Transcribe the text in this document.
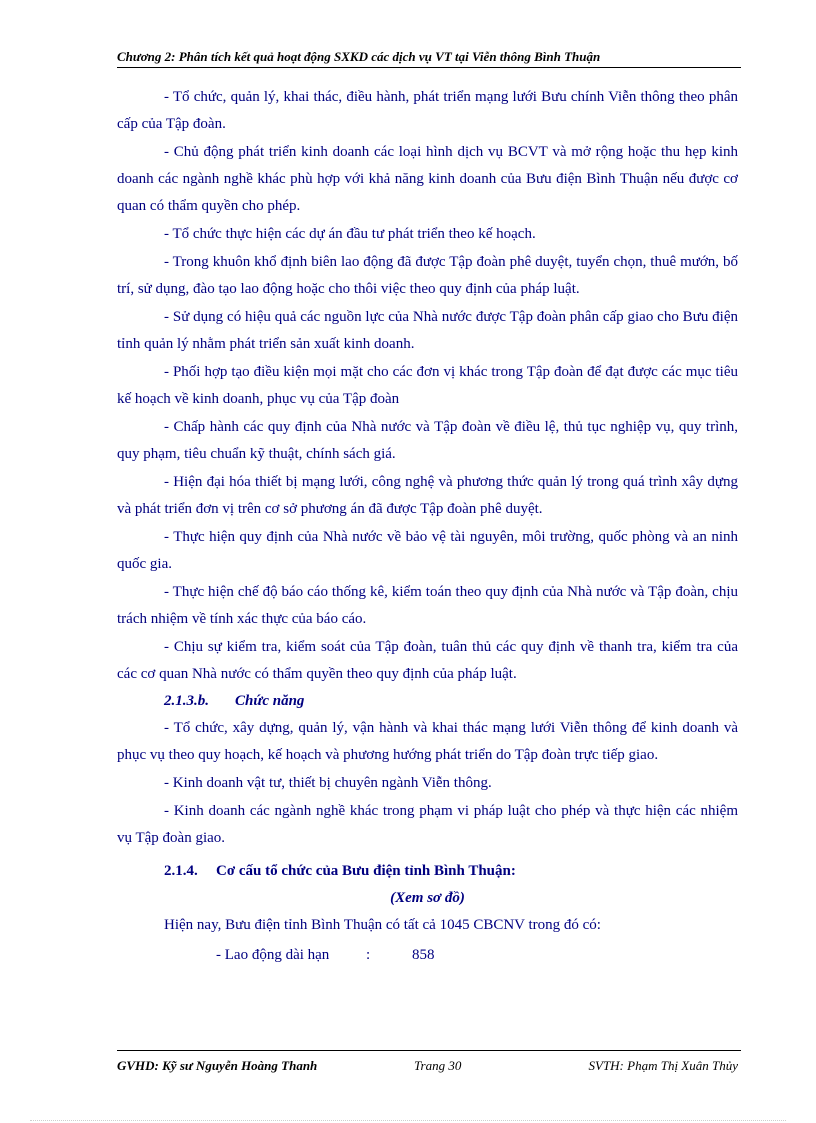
Chương 2: Phân tích kết quả hoạt động SXKD các dịch vụ VT tại Viễn thông Bình Thuận

- Tổ chức, quản lý, khai thác, điều hành, phát triển mạng lưới Bưu chính Viễn thông theo phân cấp của Tập đoàn.

- Chủ động phát triển kinh doanh các loại hình dịch vụ BCVT và mở rộng hoặc thu hẹp kinh doanh các ngành nghề khác phù hợp với khả năng kinh doanh của Bưu điện Bình Thuận nếu được cơ quan có thẩm quyền cho phép.

- Tổ chức thực hiện các dự án đầu tư phát triển theo kế hoạch.

- Trong khuôn khổ định biên lao động đã được Tập đoàn phê duyệt, tuyển chọn, thuê mướn, bố trí, sử dụng, đào tạo lao động hoặc cho thôi việc theo quy định của pháp luật.

- Sử dụng có hiệu quả các nguồn lực của Nhà nước được Tập đoàn phân cấp giao cho Bưu điện tỉnh quản lý nhằm phát triển sản xuất kinh doanh.

- Phối hợp tạo điều kiện mọi mặt cho các đơn vị khác trong Tập đoàn để đạt được các mục tiêu kế hoạch về kinh doanh, phục vụ của Tập đoàn

- Chấp hành các quy định của Nhà nước và Tập đoàn về điều lệ, thủ tục nghiệp vụ, quy trình, quy phạm, tiêu chuẩn kỹ thuật, chính sách giá.

- Hiện đại hóa thiết bị mạng lưới, công nghệ và phương thức quản lý trong quá trình xây dựng và phát triển đơn vị trên cơ sở phương án đã được Tập đoàn phê duyệt.

- Thực hiện quy định của Nhà nước về bảo vệ tài nguyên, môi trường, quốc phòng và an ninh quốc gia.

- Thực hiện chế độ báo cáo thống kê, kiểm toán theo quy định của Nhà nước và Tập đoàn, chịu trách nhiệm về tính xác thực của báo cáo.

- Chịu sự kiểm tra, kiểm soát của Tập đoàn, tuân thủ các quy định về thanh tra, kiểm tra của các cơ quan Nhà nước có thẩm quyền theo quy định của pháp luật.

2.1.3.b. Chức năng

- Tổ chức, xây dựng, quản lý, vận hành và khai thác mạng lưới Viễn thông để kinh doanh và phục vụ theo quy hoạch, kế hoạch và phương hướng phát triển do Tập đoàn trực tiếp giao.

- Kinh doanh vật tư, thiết bị chuyên ngành Viễn thông.

- Kinh doanh các ngành nghề khác trong phạm vi pháp luật cho phép và thực hiện các nhiệm vụ Tập đoàn giao.

2.1.4. Cơ cấu tổ chức của Bưu điện tỉnh Bình Thuận:

(Xem sơ đồ)

Hiện nay, Bưu điện tỉnh Bình Thuận có tất cả 1045 CBCNV trong đó có:

- Lao động dài hạn :	858

GVHD: Kỹ sư Nguyễn Hoàng Thanh	Trang 30	SVTH: Phạm Thị Xuân Thủy
